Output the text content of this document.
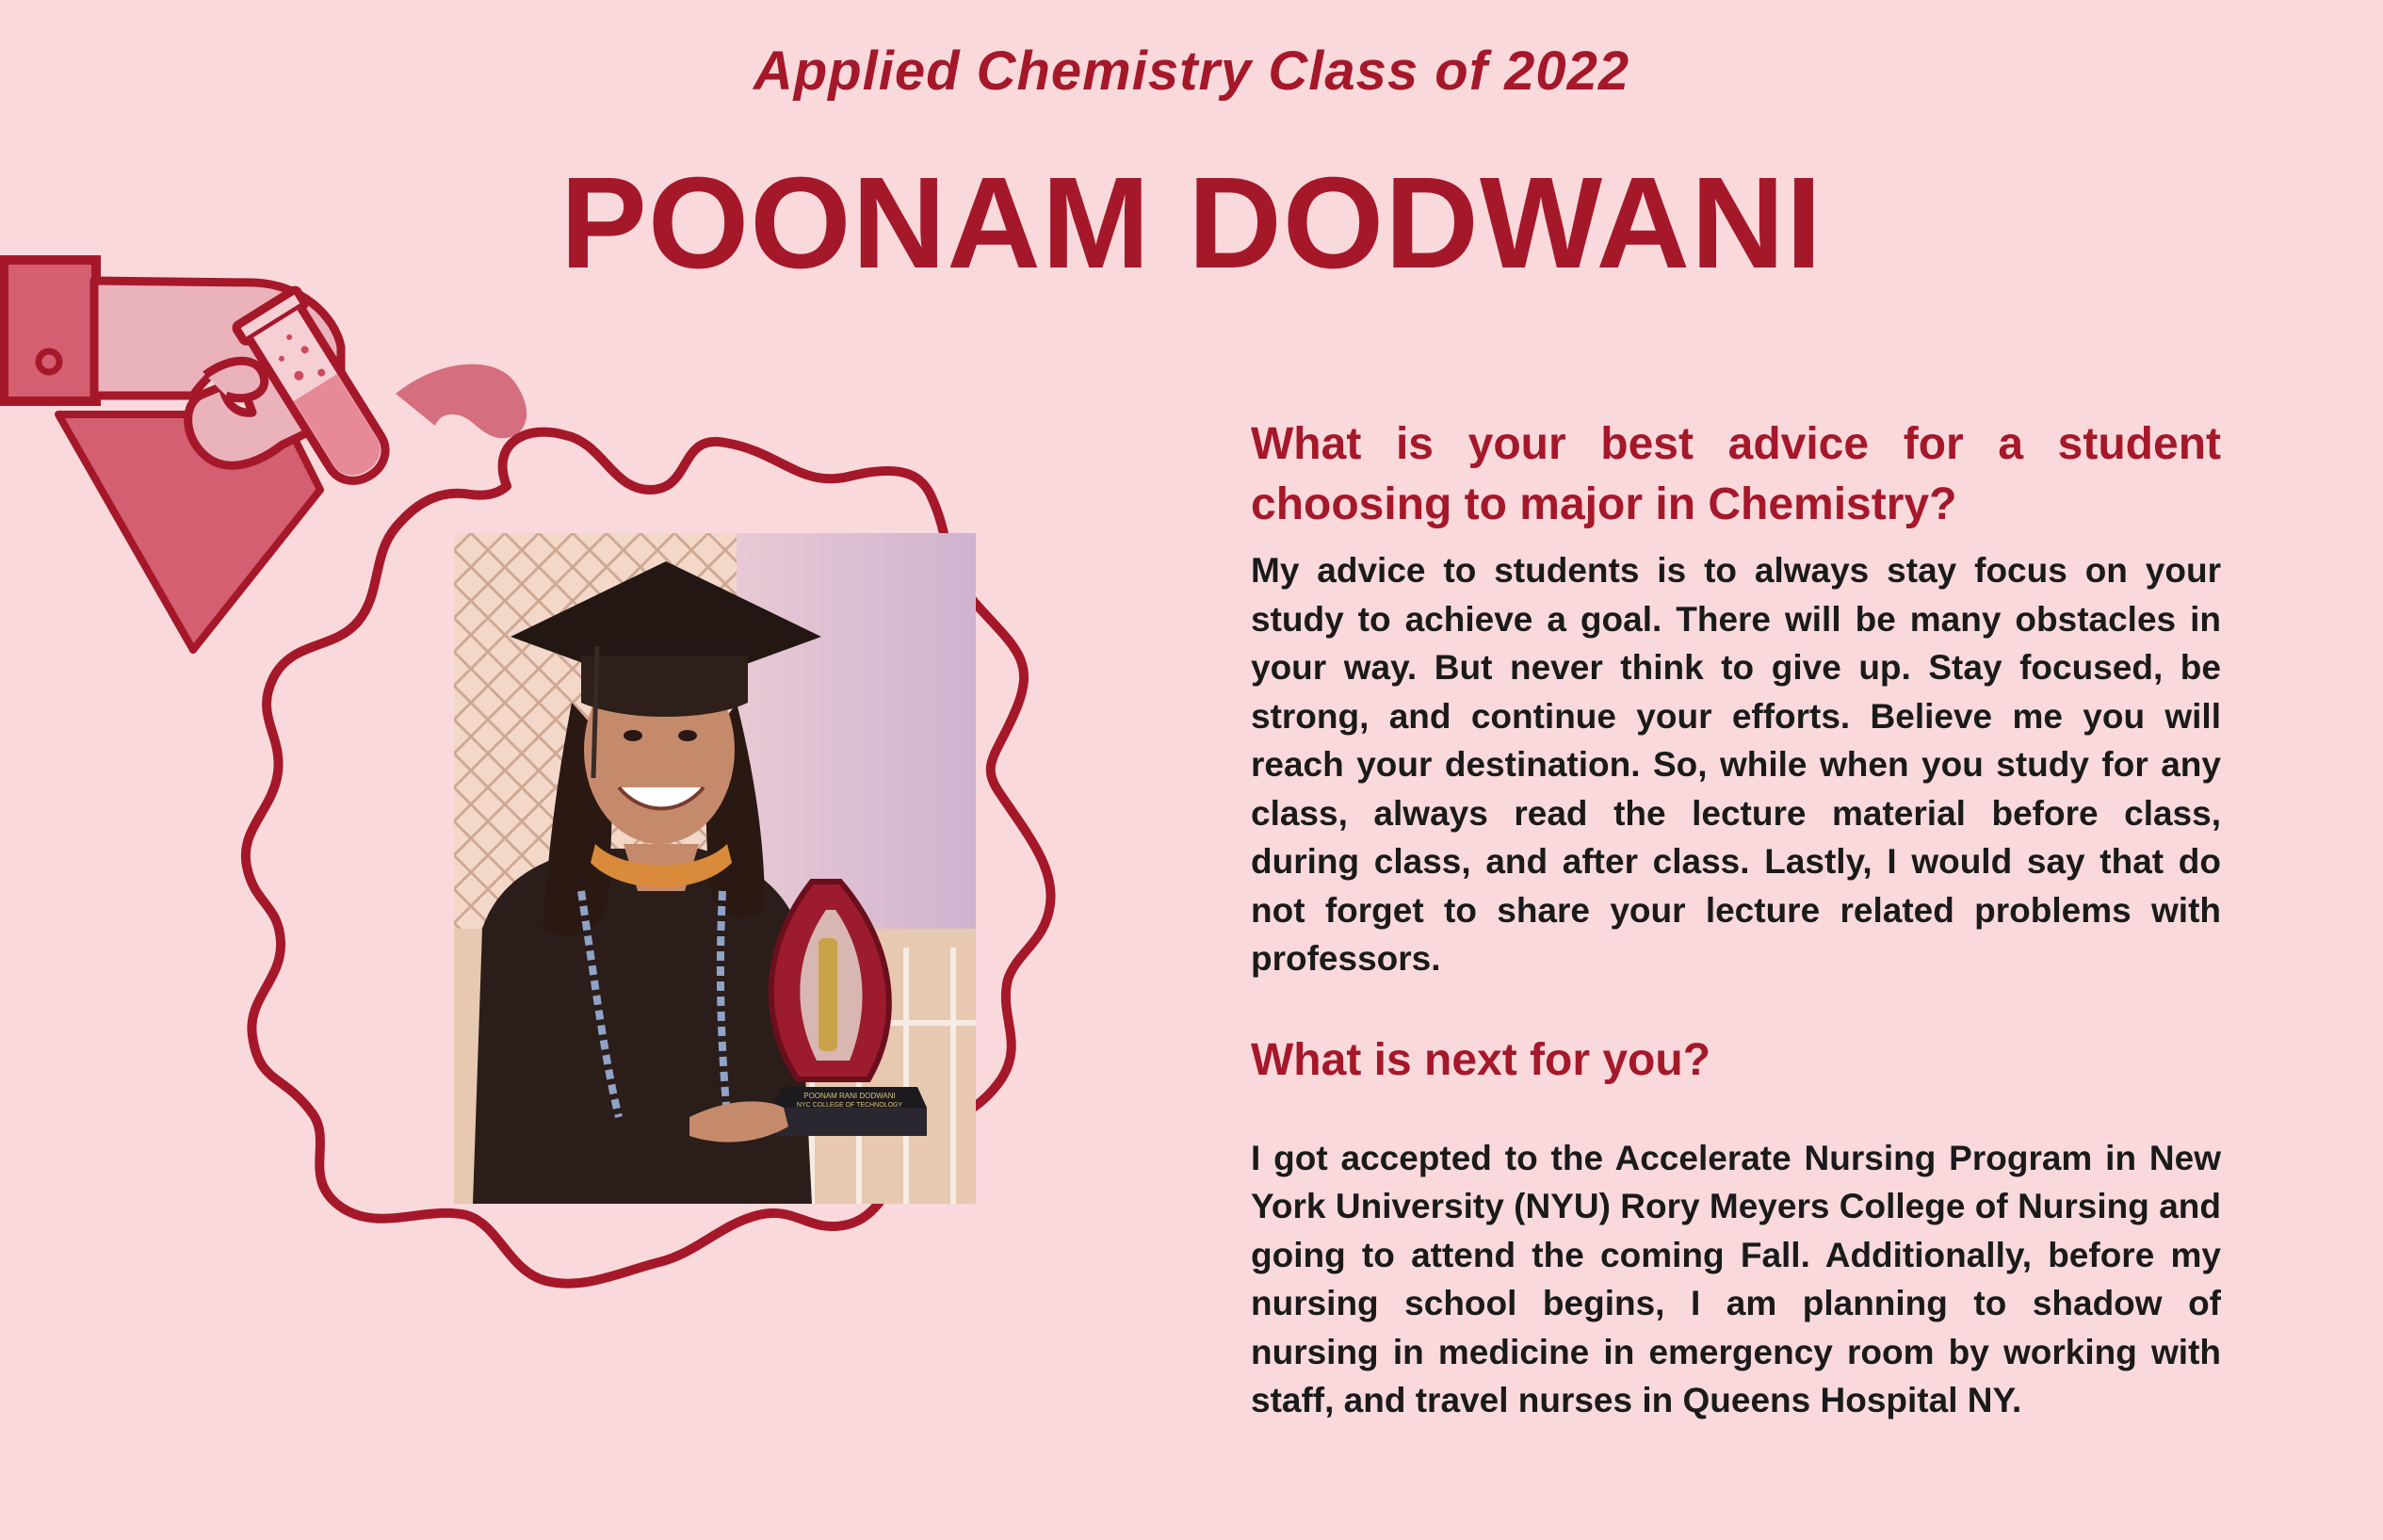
Applied Chemistry Class of 2022
POONAM DODWANI
POONAM RANI DODWANI
NYC COLLEGE OF TECHNOLOGY
What is your best advice for a student choosing to major in Chemistry?

My advice to students is to always stay focus on your study to achieve a goal. There will be many obstacles in your way. But never think to give up. Stay focused, be strong, and continue your efforts. Believe me you will reach your destination. So, while when you study for any class, always read the lecture material before class, during class, and after class. Lastly, I would say that do not forget to share your lecture related problems with professors.

What is next for you?

I got accepted to the Accelerate Nursing Program in New York University (NYU) Rory Meyers College of Nursing and going to attend the coming Fall. Additionally, before my nursing school begins, I am planning to shadow of nursing in medicine in emergency room by working with staff, and travel nurses in Queens Hospital NY.
